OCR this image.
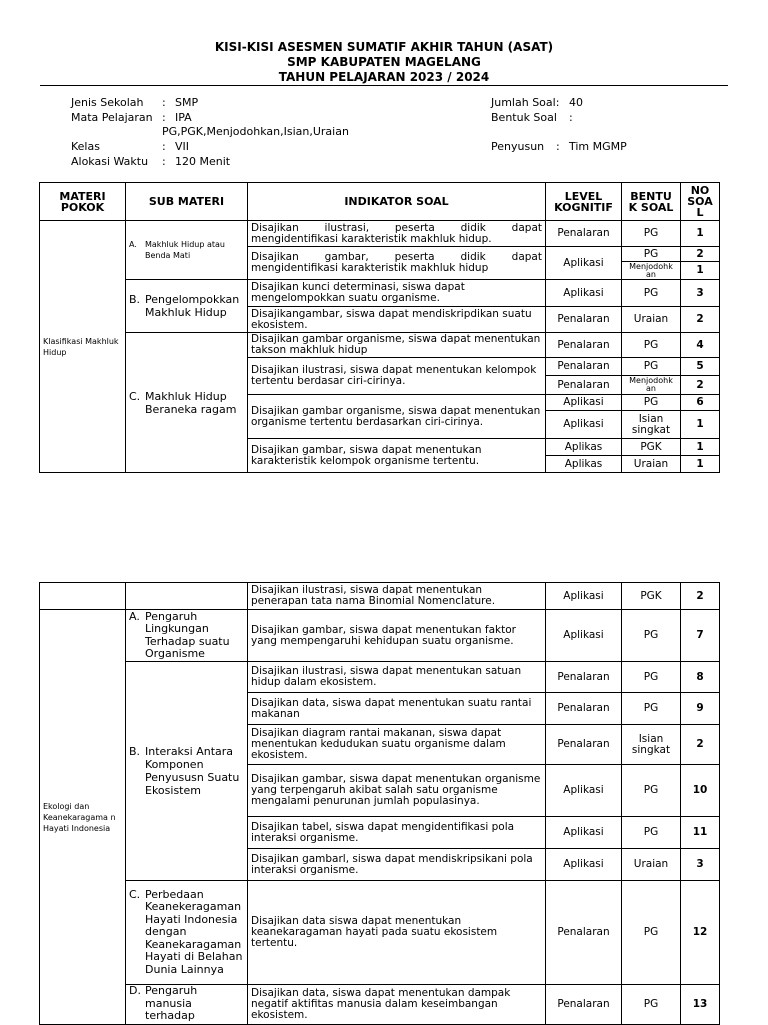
KISI-KISI ASESMEN SUMATIF AKHIR TAHUN (ASAT)
SMP KABUPATEN MAGELANG
TAHUN PELAJARAN 2023 / 2024
Jenis Sekolah : SMP
Mata Pelajaran : IPA
PG,PGK,Menjodohkan,Isian,Uraian
Kelas	: VII
Alokasi Waktu : 120 Menit
Jumlah Soal: 40
Bentuk Soal :
Penyusun : Tim MGMP
MATERI POKOK	SUB MATERI	INDIKATOR SOAL	LEVEL KOGNITIF	BENTU K SOAL	NO SOA L
Klasifikasi Makhluk Hidup	A. Makhluk Hidup atau Benda Mati	Disajikan ilustrasi, peserta didik dapat mengidentifikasi karakteristik makhluk hidup.	Penalaran	PG	1
		Disajikan gambar, peserta didik dapat mengidentifikasi karakteristik makhluk hidup	Aplikasi	PG	2
				Menjodohk an	1

	B. Pengelompokkan Makhluk Hidup	Disajikan kunci determinasi, siswa dapat mengelompokkan suatu organisme.	Aplikasi	PG	3
		Disajikangambar, siswa dapat mendiskripdikan suatu ekosistem.	Penalaran	Uraian	2

	C. Makhluk Hidup Beraneka ragam	Disajikan gambar organisme, siswa dapat menentukan takson makhluk hidup	Penalaran	PG	4
		Disajikan ilustrasi, siswa dapat menentukan kelompok tertentu berdasar ciri-cirinya.	Penalaran	PG	5
			Penalaran	Menjodohk an	2
		Disajikan gambar organisme, siswa dapat menentukan organisme tertentu berdasarkan ciri-cirinya.	Aplikasi	PG	6
			Aplikasi	Isian singkat	1
		Disajikan gambar, siswa dapat menentukan karakteristik kelompok organisme tertentu.	Aplikas	PGK	1
			Aplikas	Uraian	1
		Disajikan ilustrasi, siswa dapat menentukan penerapan tata nama Binomial Nomenclature.	Aplikasi	PGK	2
Ekologi dan Keanekaragama n Hayati Indonesia	A. Pengaruh Lingkungan Terhadap suatu Organisme	Disajikan gambar, siswa dapat menentukan faktor yang mempengaruhi kehidupan suatu organisme.	Aplikasi	PG	7

	B. Interaksi Antara Komponen Penyususn Suatu Ekosistem	Disajikan ilustrasi, siswa dapat menentukan satuan hidup dalam ekosistem.	Penalaran	PG	8
		Disajikan data, siswa dapat menentukan suatu rantai makanan	Penalaran	PG	9
		Disajikan diagram rantai makanan, siswa dapat menentukan kedudukan suatu organisme dalam ekosistem.	Penalaran	Isian singkat	2
		Disajikan gambar, siswa dapat menentukan organisme yang terpengaruh akibat salah satu organisme mengalami penurunan jumlah populasinya.	Aplikasi	PG	10
		Disajikan tabel, siswa dapat mengidentifikasi pola interaksi organisme.	Aplikasi	PG	11
		Disajikan gambarl, siswa dapat mendiskripsikani pola interaksi organisme.	Aplikasi	Uraian	3

	C. Perbedaan Keanekeragaman Hayati Indonesia dengan Keanekaragaman Hayati di Belahan Dunia Lainnya	Disajikan data siswa dapat menentukan keanekaragaman hayati pada suatu ekosistem tertentu.	Penalaran	PG	12

	D. Pengaruh manusia terhadap	Disajikan data, siswa dapat menentukan dampak negatif aktifitas manusia dalam keseimbangan ekosistem.	Penalaran	PG	13
